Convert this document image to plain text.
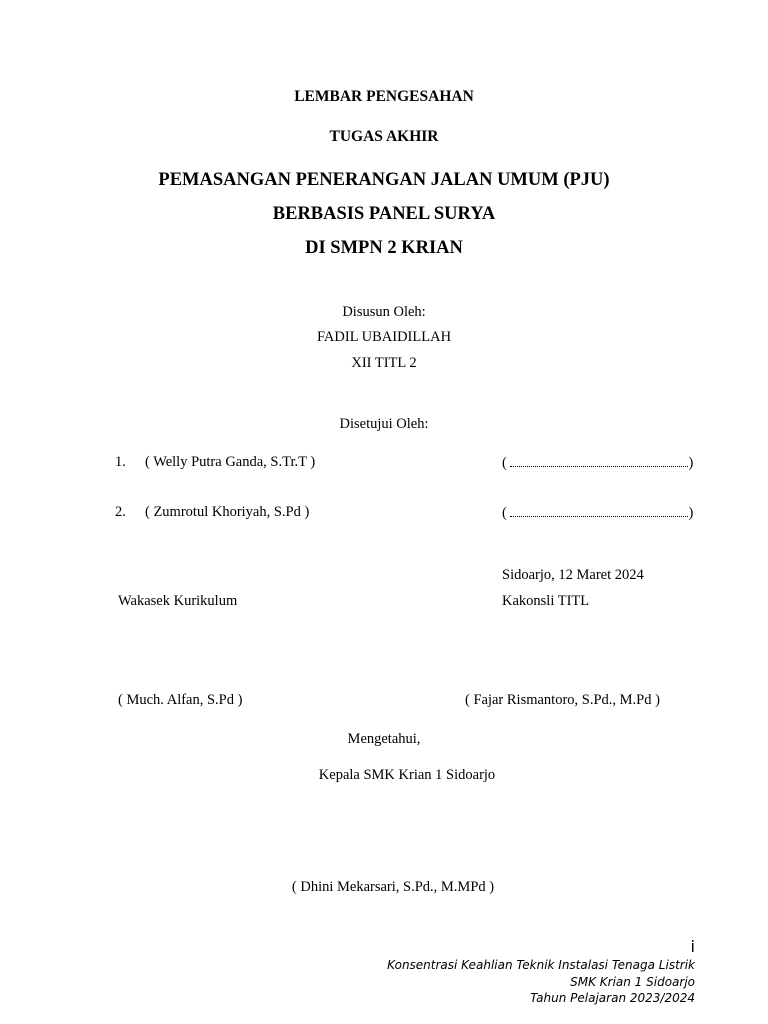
LEMBAR PENGESAHAN
TUGAS AKHIR
PEMASANGAN PENERANGAN JALAN UMUM (PJU)
BERBASIS PANEL SURYA
DI SMPN 2 KRIAN
Disusun Oleh:
FADIL UBAIDILLAH
XII TITL 2
Disetujui Oleh:
1. ( Welly Putra Ganda, S.Tr.T )	(	)
2. ( Zumrotul Khoriyah, S.Pd )	(	)
Sidoarjo, 12 Maret 2024
Wakasek Kurikulum	Kakonsli TITL
( Much. Alfan, S.Pd )	( Fajar Rismantoro, S.Pd., M.Pd )
Mengetahui,
Kepala SMK Krian 1 Sidoarjo
( Dhini Mekarsari, S.Pd., M.MPd )
i
Konsentrasi Keahlian Teknik Instalasi Tenaga Listrik
SMK Krian 1 Sidoarjo
Tahun Pelajaran 2023/2024
